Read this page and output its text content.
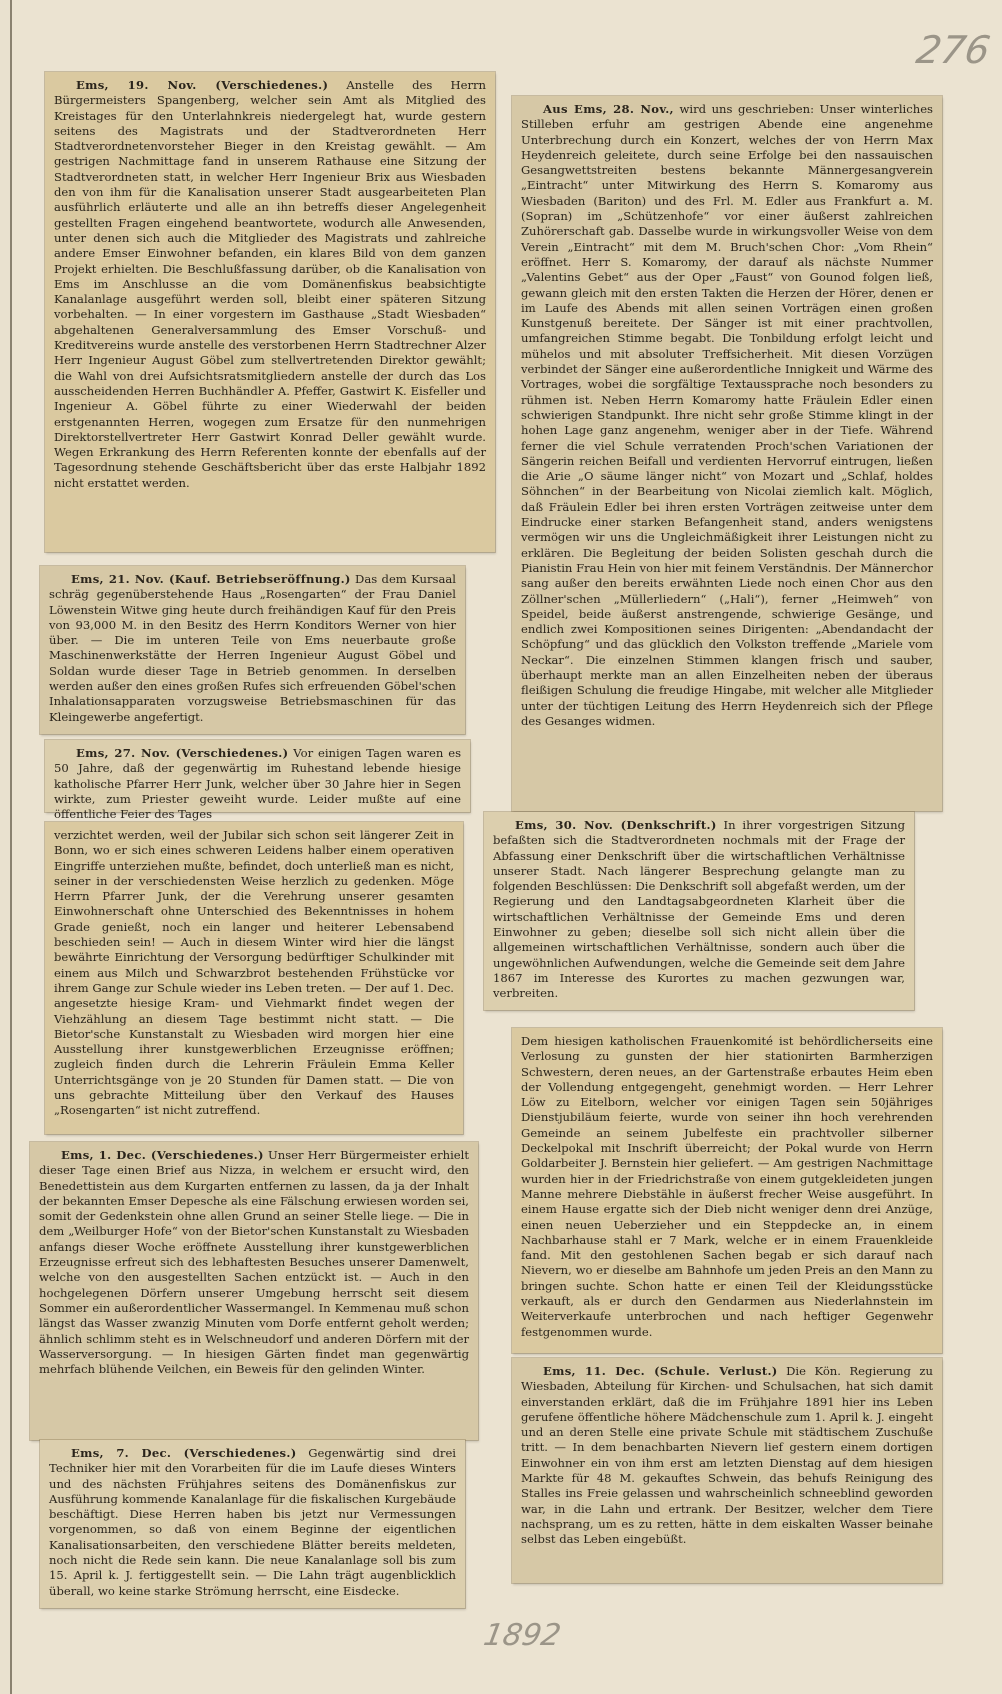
276
1892

Ems, 19. Nov. (Verschiedenes.) Anstelle des Herrn Bürgermeisters Spangenberg, welcher sein Amt als Mitglied des Kreistages für den Unterlahnkreis niedergelegt hat, wurde gestern seitens des Magistrats und der Stadtverordneten Herr Stadtverordnetenvorsteher Bieger in den Kreistag gewählt. — Am gestrigen Nachmittage fand in unserem Rathause eine Sitzung der Stadtverordneten statt, in welcher Herr Ingenieur Brix aus Wiesbaden den von ihm für die Kanalisation unserer Stadt ausgearbeiteten Plan ausführlich erläuterte und alle an ihn betreffs dieser Angelegenheit gestellten Fragen eingehend beantwortete, wodurch alle Anwesenden, unter denen sich auch die Mitglieder des Magistrats und zahlreiche andere Emser Einwohner befanden, ein klares Bild von dem ganzen Projekt erhielten. Die Beschlußfassung darüber, ob die Kanalisation von Ems im Anschlusse an die vom Domänenfiskus beabsichtigte Kanalanlage ausgeführt werden soll, bleibt einer späteren Sitzung vorbehalten. — In einer vorgestern im Gasthause „Stadt Wiesbaden“ abgehaltenen Generalversammlung des Emser Vorschuß- und Kreditvereins wurde anstelle des verstorbenen Herrn Stadtrechner Alzer Herr Ingenieur August Göbel zum stellvertretenden Direktor gewählt; die Wahl von drei Aufsichtsratsmitgliedern anstelle der durch das Los ausscheidenden Herren Buchhändler A. Pfeffer, Gastwirt K. Eisfeller und Ingenieur A. Göbel führte zu einer Wiederwahl der beiden erstgenannten Herren, wogegen zum Ersatze für den nunmehrigen Direktorstellvertreter Herr Gastwirt Konrad Deller gewählt wurde. Wegen Erkrankung des Herrn Referenten konnte der ebenfalls auf der Tagesordnung stehende Geschäftsbericht über das erste Halbjahr 1892 nicht erstattet werden.

Ems, 21. Nov. (Kauf. Betriebseröffnung.) Das dem Kursaal schräg gegenüberstehende Haus „Rosengarten“ der Frau Daniel Löwenstein Witwe ging heute durch freihändigen Kauf für den Preis von 93,000 M. in den Besitz des Herrn Konditors Werner von hier über. — Die im unteren Teile von Ems neuerbaute große Maschinenwerkstätte der Herren Ingenieur August Göbel und Soldan wurde dieser Tage in Betrieb genommen. In derselben werden außer den eines großen Rufes sich erfreuenden Göbel'schen Inhalationsapparaten vorzugsweise Betriebsmaschinen für das Kleingewerbe angefertigt.

Ems, 27. Nov. (Verschiedenes.) Vor einigen Tagen waren es 50 Jahre, daß der gegenwärtig im Ruhestand lebende hiesige katholische Pfarrer Herr Junk, welcher über 30 Jahre hier in Segen wirkte, zum Priester geweiht wurde. Leider mußte auf eine öffentliche Feier des Tages

verzichtet werden, weil der Jubilar sich schon seit längerer Zeit in Bonn, wo er sich eines schweren Leidens halber einem operativen Eingriffe unterziehen mußte, befindet, doch unterließ man es nicht, seiner in der verschiedensten Weise herzlich zu gedenken. Möge Herrn Pfarrer Junk, der die Verehrung unserer gesamten Einwohnerschaft ohne Unterschied des Bekenntnisses in hohem Grade genießt, noch ein langer und heiterer Lebensabend beschieden sein! — Auch in diesem Winter wird hier die längst bewährte Einrichtung der Versorgung bedürftiger Schulkinder mit einem aus Milch und Schwarzbrot bestehenden Frühstücke vor ihrem Gange zur Schule wieder ins Leben treten. — Der auf 1. Dec. angesetzte hiesige Kram- und Viehmarkt findet wegen der Viehzählung an diesem Tage bestimmt nicht statt. — Die Bietor'sche Kunstanstalt zu Wiesbaden wird morgen hier eine Ausstellung ihrer kunstgewerblichen Erzeugnisse eröffnen; zugleich finden durch die Lehrerin Fräulein Emma Keller Unterrichtsgänge von je 20 Stunden für Damen statt. — Die von uns gebrachte Mitteilung über den Verkauf des Hauses „Rosengarten“ ist nicht zutreffend.

Ems, 1. Dec. (Verschiedenes.) Unser Herr Bürgermeister erhielt dieser Tage einen Brief aus Nizza, in welchem er ersucht wird, den Benedettistein aus dem Kurgarten entfernen zu lassen, da ja der Inhalt der bekannten Emser Depesche als eine Fälschung erwiesen worden sei, somit der Gedenkstein ohne allen Grund an seiner Stelle liege. — Die in dem „Weilburger Hofe“ von der Bietor'schen Kunstanstalt zu Wiesbaden anfangs dieser Woche eröffnete Ausstellung ihrer kunstgewerblichen Erzeugnisse erfreut sich des lebhaftesten Besuches unserer Damenwelt, welche von den ausgestellten Sachen entzückt ist. — Auch in den hochgelegenen Dörfern unserer Umgebung herrscht seit diesem Sommer ein außerordentlicher Wassermangel. In Kemmenau muß schon längst das Wasser zwanzig Minuten vom Dorfe entfernt geholt werden; ähnlich schlimm steht es in Welschneudorf und anderen Dörfern mit der Wasserversorgung. — In hiesigen Gärten findet man gegenwärtig mehrfach blühende Veilchen, ein Beweis für den gelinden Winter.

Ems, 7. Dec. (Verschiedenes.) Gegenwärtig sind drei Techniker hier mit den Vorarbeiten für die im Laufe dieses Winters und des nächsten Frühjahres seitens des Domänenfiskus zur Ausführung kommende Kanalanlage für die fiskalischen Kurgebäude beschäftigt. Diese Herren haben bis jetzt nur Vermessungen vorgenommen, so daß von einem Beginne der eigentlichen Kanalisationsarbeiten, den verschiedene Blätter bereits meldeten, noch nicht die Rede sein kann. Die neue Kanalanlage soll bis zum 15. April k. J. fertiggestellt sein. — Die Lahn trägt augenblicklich überall, wo keine starke Strömung herrscht, eine Eisdecke.

Aus Ems, 28. Nov., wird uns geschrieben: Unser winterliches Stilleben erfuhr am gestrigen Abende eine angenehme Unterbrechung durch ein Konzert, welches der von Herrn Max Heydenreich geleitete, durch seine Erfolge bei den nassauischen Gesangwettstreiten bestens bekannte Männergesangverein „Eintracht“ unter Mitwirkung des Herrn S. Komaromy aus Wiesbaden (Bariton) und des Frl. M. Edler aus Frankfurt a. M. (Sopran) im „Schützenhofe“ vor einer äußerst zahlreichen Zuhörerschaft gab. Dasselbe wurde in wirkungsvoller Weise von dem Verein „Eintracht“ mit dem M. Bruch'schen Chor: „Vom Rhein“ eröffnet. Herr S. Komaromy, der darauf als nächste Nummer „Valentins Gebet“ aus der Oper „Faust“ von Gounod folgen ließ, gewann gleich mit den ersten Takten die Herzen der Hörer, denen er im Laufe des Abends mit allen seinen Vorträgen einen großen Kunstgenuß bereitete. Der Sänger ist mit einer prachtvollen, umfangreichen Stimme begabt. Die Tonbildung erfolgt leicht und mühelos und mit absoluter Treffsicherheit. Mit diesen Vorzügen verbindet der Sänger eine außerordentliche Innigkeit und Wärme des Vortrages, wobei die sorgfältige Textaussprache noch besonders zu rühmen ist. Neben Herrn Komaromy hatte Fräulein Edler einen schwierigen Standpunkt. Ihre nicht sehr große Stimme klingt in der hohen Lage ganz angenehm, weniger aber in der Tiefe. Während ferner die viel Schule verratenden Proch'schen Variationen der Sängerin reichen Beifall und verdienten Hervorruf eintrugen, ließen die Arie „O säume länger nicht“ von Mozart und „Schlaf, holdes Söhnchen“ in der Bearbeitung von Nicolai ziemlich kalt. Möglich, daß Fräulein Edler bei ihren ersten Vorträgen zeitweise unter dem Eindrucke einer starken Befangenheit stand, anders wenigstens vermögen wir uns die Ungleichmäßigkeit ihrer Leistungen nicht zu erklären. Die Begleitung der beiden Solisten geschah durch die Pianistin Frau Hein von hier mit feinem Verständnis. Der Männerchor sang außer den bereits erwähnten Liede noch einen Chor aus den Zöllner'schen „Müllerliedern“ („Hali“), ferner „Heimweh“ von Speidel, beide äußerst anstrengende, schwierige Gesänge, und endlich zwei Kompositionen seines Dirigenten: „Abendandacht der Schöpfung“ und das glücklich den Volkston treffende „Mariele vom Neckar“. Die einzelnen Stimmen klangen frisch und sauber, überhaupt merkte man an allen Einzelheiten neben der überaus fleißigen Schulung die freudige Hingabe, mit welcher alle Mitglieder unter der tüchtigen Leitung des Herrn Heydenreich sich der Pflege des Gesanges widmen.

Ems, 30. Nov. (Denkschrift.) In ihrer vorgestrigen Sitzung befaßten sich die Stadtverordneten nochmals mit der Frage der Abfassung einer Denkschrift über die wirtschaftlichen Verhältnisse unserer Stadt. Nach längerer Besprechung gelangte man zu folgenden Beschlüssen: Die Denkschrift soll abgefaßt werden, um der Regierung und den Landtagsabgeordneten Klarheit über die wirtschaftlichen Verhältnisse der Gemeinde Ems und deren Einwohner zu geben; dieselbe soll sich nicht allein über die allgemeinen wirtschaftlichen Verhältnisse, sondern auch über die ungewöhnlichen Aufwendungen, welche die Gemeinde seit dem Jahre 1867 im Interesse des Kurortes zu machen gezwungen war, verbreiten.

Dem hiesigen katholischen Frauenkomité ist behördlicherseits eine Verlosung zu gunsten der hier stationirten Barmherzigen Schwestern, deren neues, an der Gartenstraße erbautes Heim eben der Vollendung entgegengeht, genehmigt worden. — Herr Lehrer Löw zu Eitelborn, welcher vor einigen Tagen sein 50jähriges Dienstjubiläum feierte, wurde von seiner ihn hoch verehrenden Gemeinde an seinem Jubelfeste ein prachtvoller silberner Deckelpokal mit Inschrift überreicht; der Pokal wurde von Herrn Goldarbeiter J. Bernstein hier geliefert. — Am gestrigen Nachmittage wurden hier in der Friedrichstraße von einem gutgekleideten jungen Manne mehrere Diebstähle in äußerst frecher Weise ausgeführt. In einem Hause ergatte sich der Dieb nicht weniger denn drei Anzüge, einen neuen Ueberzieher und ein Steppdecke an, in einem Nachbarhause stahl er 7 Mark, welche er in einem Frauenkleide fand. Mit den gestohlenen Sachen begab er sich darauf nach Nievern, wo er dieselbe am Bahnhofe um jeden Preis an den Mann zu bringen suchte. Schon hatte er einen Teil der Kleidungsstücke verkauft, als er durch den Gendarmen aus Niederlahnstein im Weiterverkaufe unterbrochen und nach heftiger Gegenwehr festgenommen wurde.

Ems, 11. Dec. (Schule. Verlust.) Die Kön. Regierung zu Wiesbaden, Abteilung für Kirchen- und Schulsachen, hat sich damit einverstanden erklärt, daß die im Frühjahre 1891 hier ins Leben gerufene öffentliche höhere Mädchenschule zum 1. April k. J. eingeht und an deren Stelle eine private Schule mit städtischem Zuschuße tritt. — In dem benachbarten Nievern lief gestern einem dortigen Einwohner ein von ihm erst am letzten Dienstag auf dem hiesigen Markte für 48 M. gekauftes Schwein, das behufs Reinigung des Stalles ins Freie gelassen und wahrscheinlich schneeblind geworden war, in die Lahn und ertrank. Der Besitzer, welcher dem Tiere nachsprang, um es zu retten, hätte in dem eiskalten Wasser beinahe selbst das Leben eingebüßt.
